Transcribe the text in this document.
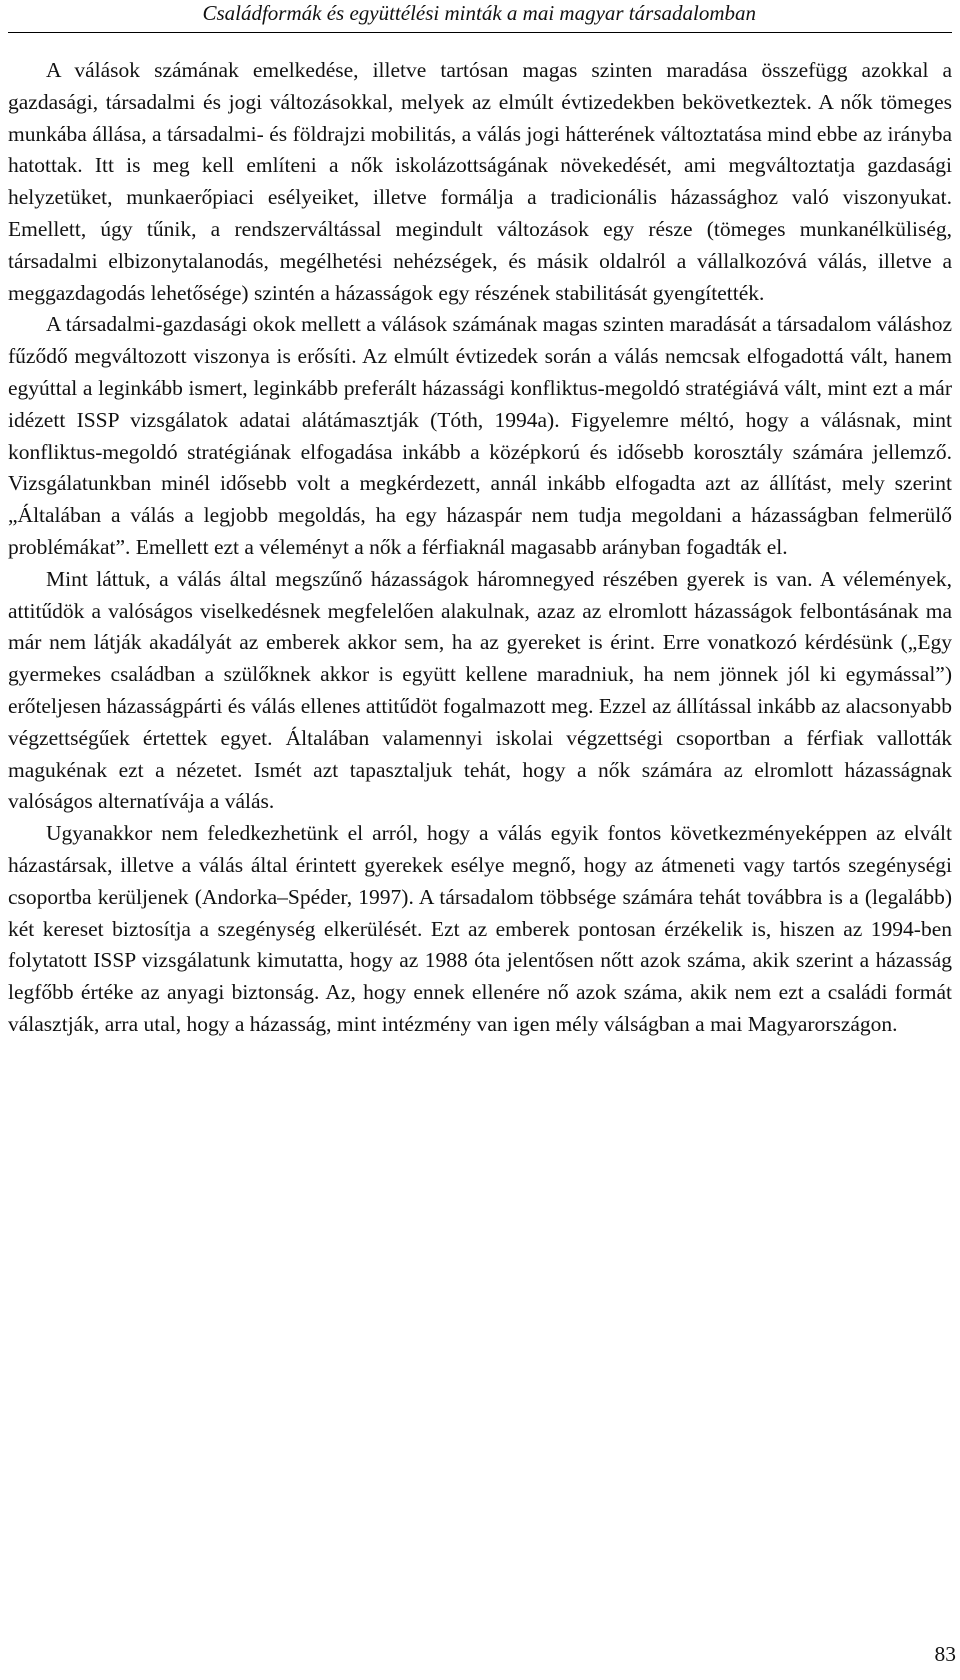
Családformák és együttélési minták a mai magyar társadalomban

A válások számának emelkedése, illetve tartósan magas szinten maradása összefügg azokkal a gazdasági, társadalmi és jogi változásokkal, melyek az elmúlt évtizedekben bekövetkeztek. A nők tömeges munkába állása, a társadalmi- és földrajzi mobilitás, a válás jogi hátterének változtatása mind ebbe az irányba hatottak. Itt is meg kell említeni a nők iskolázottságának növekedését, ami megváltoztatja gazdasági helyzetüket, munkaerőpiaci esélyeiket, illetve formálja a tradicionális házassághoz való viszonyukat. Emellett, úgy tűnik, a rendszerváltással megindult változások egy része (tömeges munkanélküliség, társadalmi elbizonytalanodás, megélhetési nehézségek, és másik oldalról a vállalkozóvá válás, illetve a meggazdagodás lehetősége) szintén a házasságok egy részének stabilitását gyengítették.

A társadalmi-gazdasági okok mellett a válások számának magas szinten maradását a társadalom váláshoz fűződő megváltozott viszonya is erősíti. Az elmúlt évtizedek során a válás nemcsak elfogadottá vált, hanem egyúttal a leginkább ismert, leginkább preferált házassági konfliktus-megoldó stratégiává vált, mint ezt a már idézett ISSP vizsgálatok adatai alátámasztják (Tóth, 1994a). Figyelemre méltó, hogy a válásnak, mint konfliktus-megoldó stratégiának elfogadása inkább a középkorú és idősebb korosztály számára jellemző. Vizsgálatunkban minél idősebb volt a megkérdezett, annál inkább elfogadta azt az állítást, mely szerint „Általában a válás a legjobb megoldás, ha egy házaspár nem tudja megoldani a házasságban felmerülő problémákat”. Emellett ezt a véleményt a nők a férfiaknál magasabb arányban fogadták el.

Mint láttuk, a válás által megszűnő házasságok háromnegyed részében gyerek is van. A vélemények, attitűdök a valóságos viselkedésnek megfelelően alakulnak, azaz az elromlott házasságok felbontásának ma már nem látják akadályát az emberek akkor sem, ha az gyereket is érint. Erre vonatkozó kérdésünk („Egy gyermekes családban a szülőknek akkor is együtt kellene maradniuk, ha nem jönnek jól ki egymással”) erőteljesen házasságpárti és válás ellenes attitűdöt fogalmazott meg. Ezzel az állítással inkább az alacsonyabb végzettségűek értettek egyet. Általában valamennyi iskolai végzettségi csoportban a férfiak vallották magukénak ezt a nézetet. Ismét azt tapasztaljuk tehát, hogy a nők számára az elromlott házasságnak valóságos alternatívája a válás.

Ugyanakkor nem feledkezhetünk el arról, hogy a válás egyik fontos következményeképpen az elvált házastársak, illetve a válás által érintett gyerekek esélye megnő, hogy az átmeneti vagy tartós szegénységi csoportba kerüljenek (Andorka–Spéder, 1997). A társadalom többsége számára tehát továbbra is a (legalább) két kereset biztosítja a szegénység elkerülését. Ezt az emberek pontosan érzékelik is, hiszen az 1994-ben folytatott ISSP vizsgálatunk kimutatta, hogy az 1988 óta jelentősen nőtt azok száma, akik szerint a házasság legfőbb értéke az anyagi biztonság. Az, hogy ennek ellenére nő azok száma, akik nem ezt a családi formát választják, arra utal, hogy a házasság, mint intézmény van igen mély válságban a mai Magyarországon.

83
